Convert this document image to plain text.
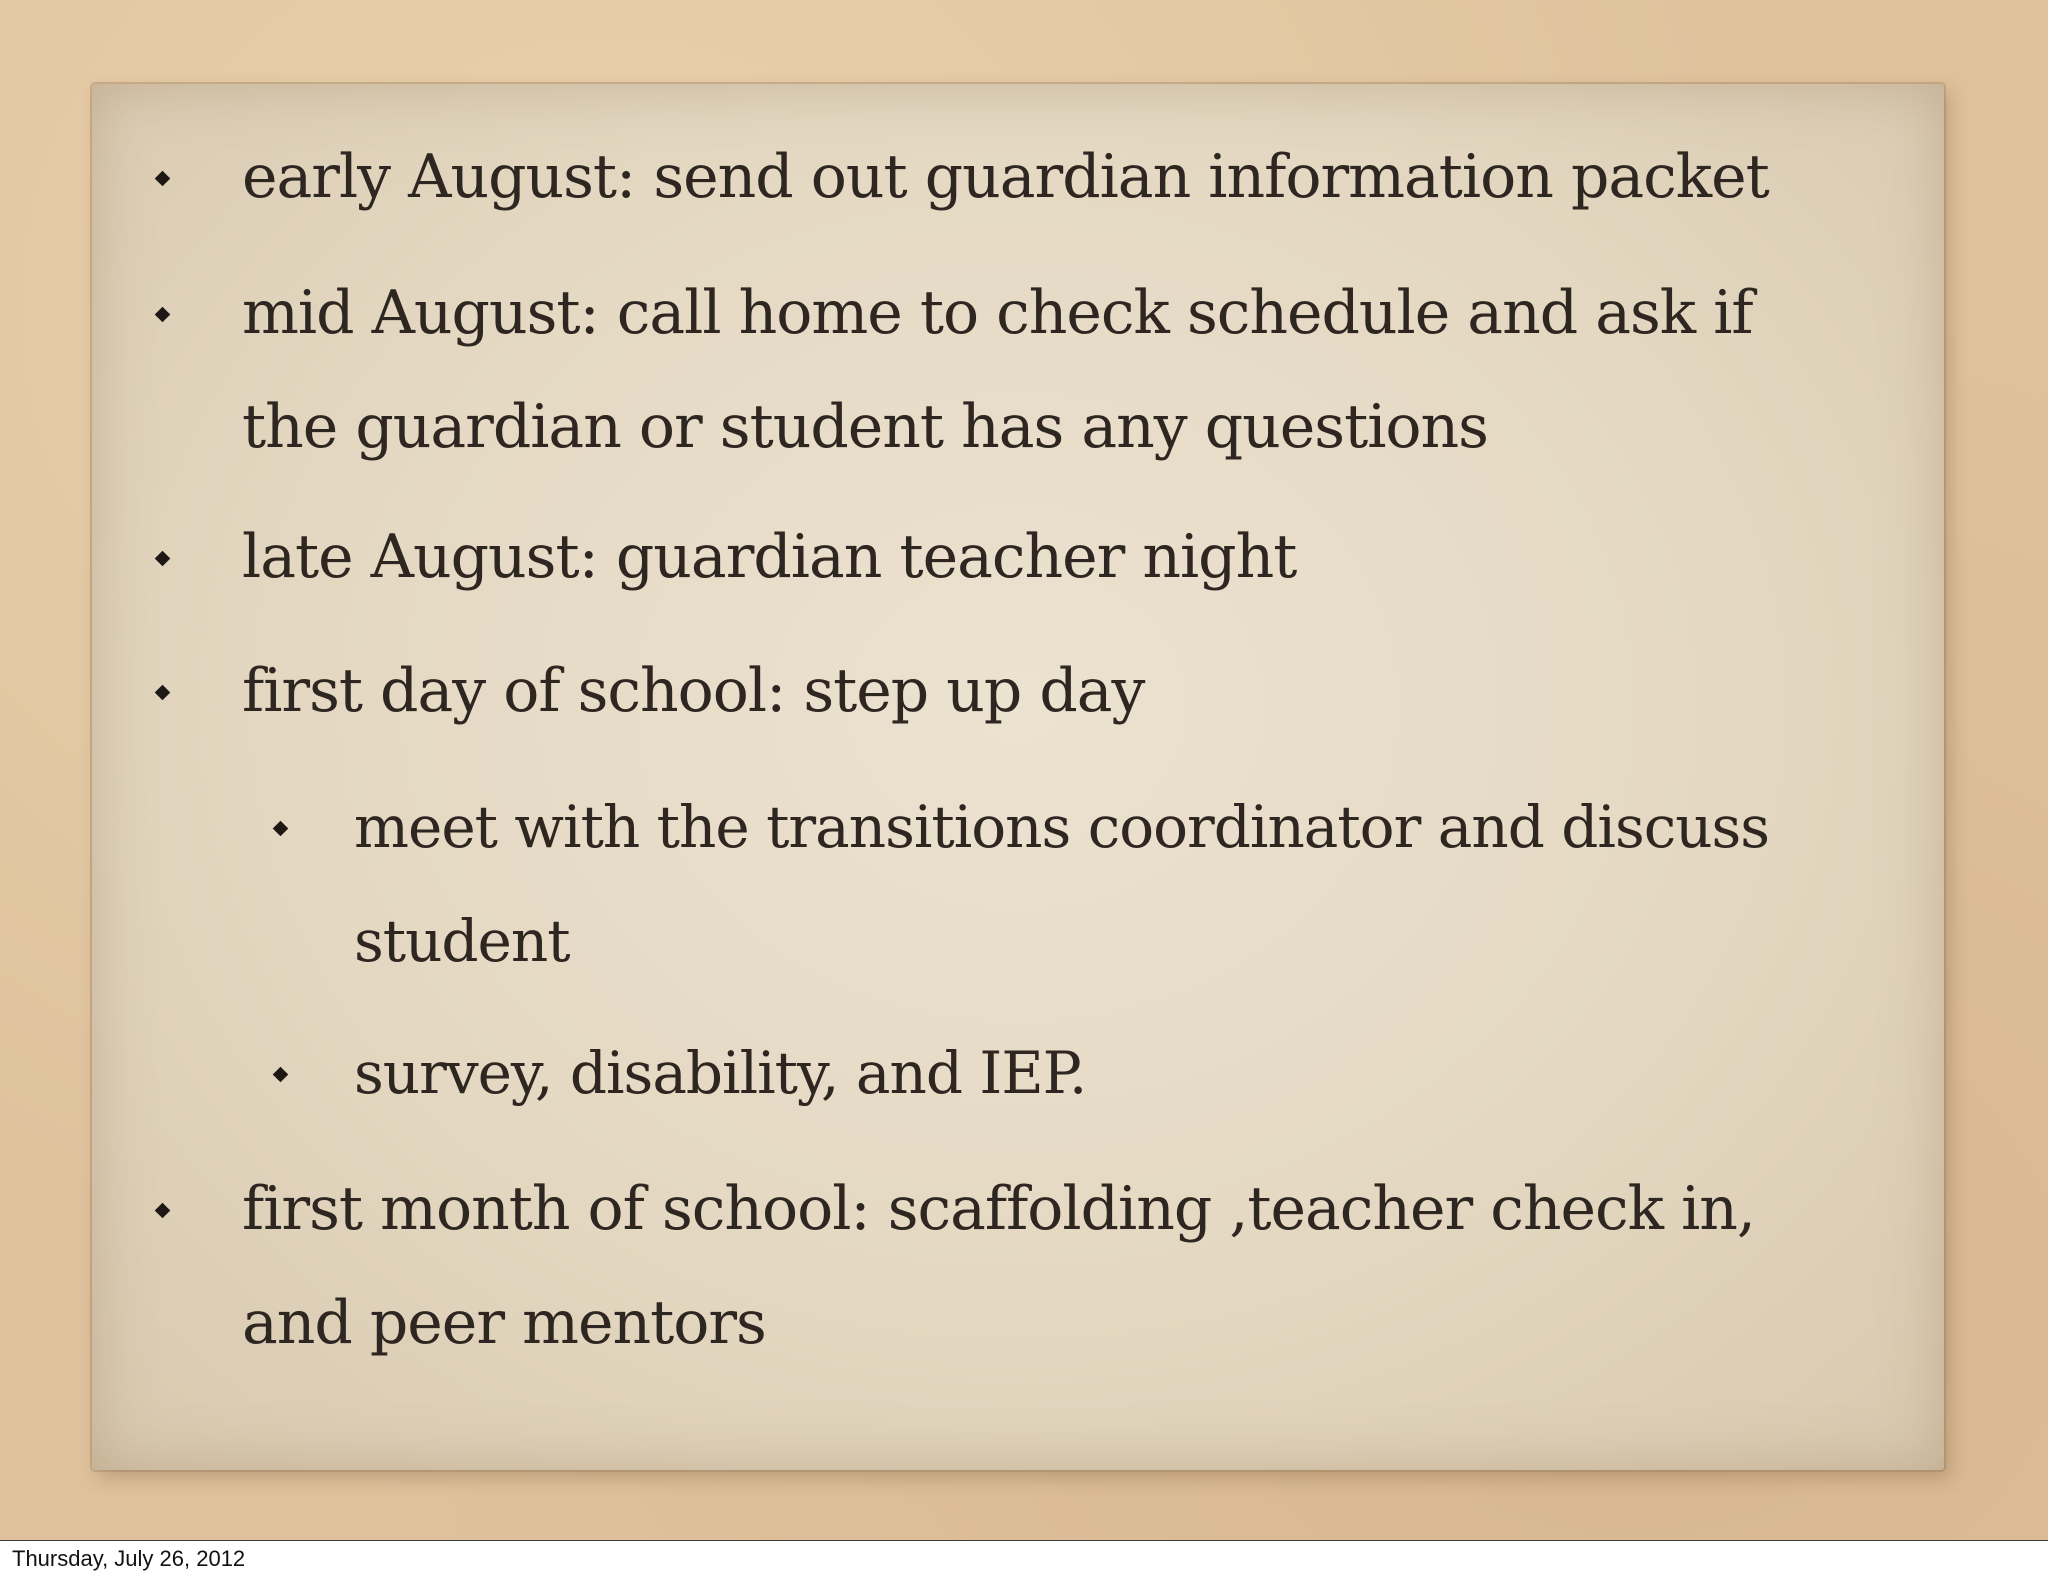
early August: send out guardian information packet
mid August: call home to check schedule and ask if
the guardian or student has any questions
late August: guardian teacher night
first day of school: step up day
meet with the transitions coordinator and discuss
student
survey, disability, and IEP.
first month of school: scaffolding ,teacher check in,
and peer mentors
Thursday, July 26, 2012
